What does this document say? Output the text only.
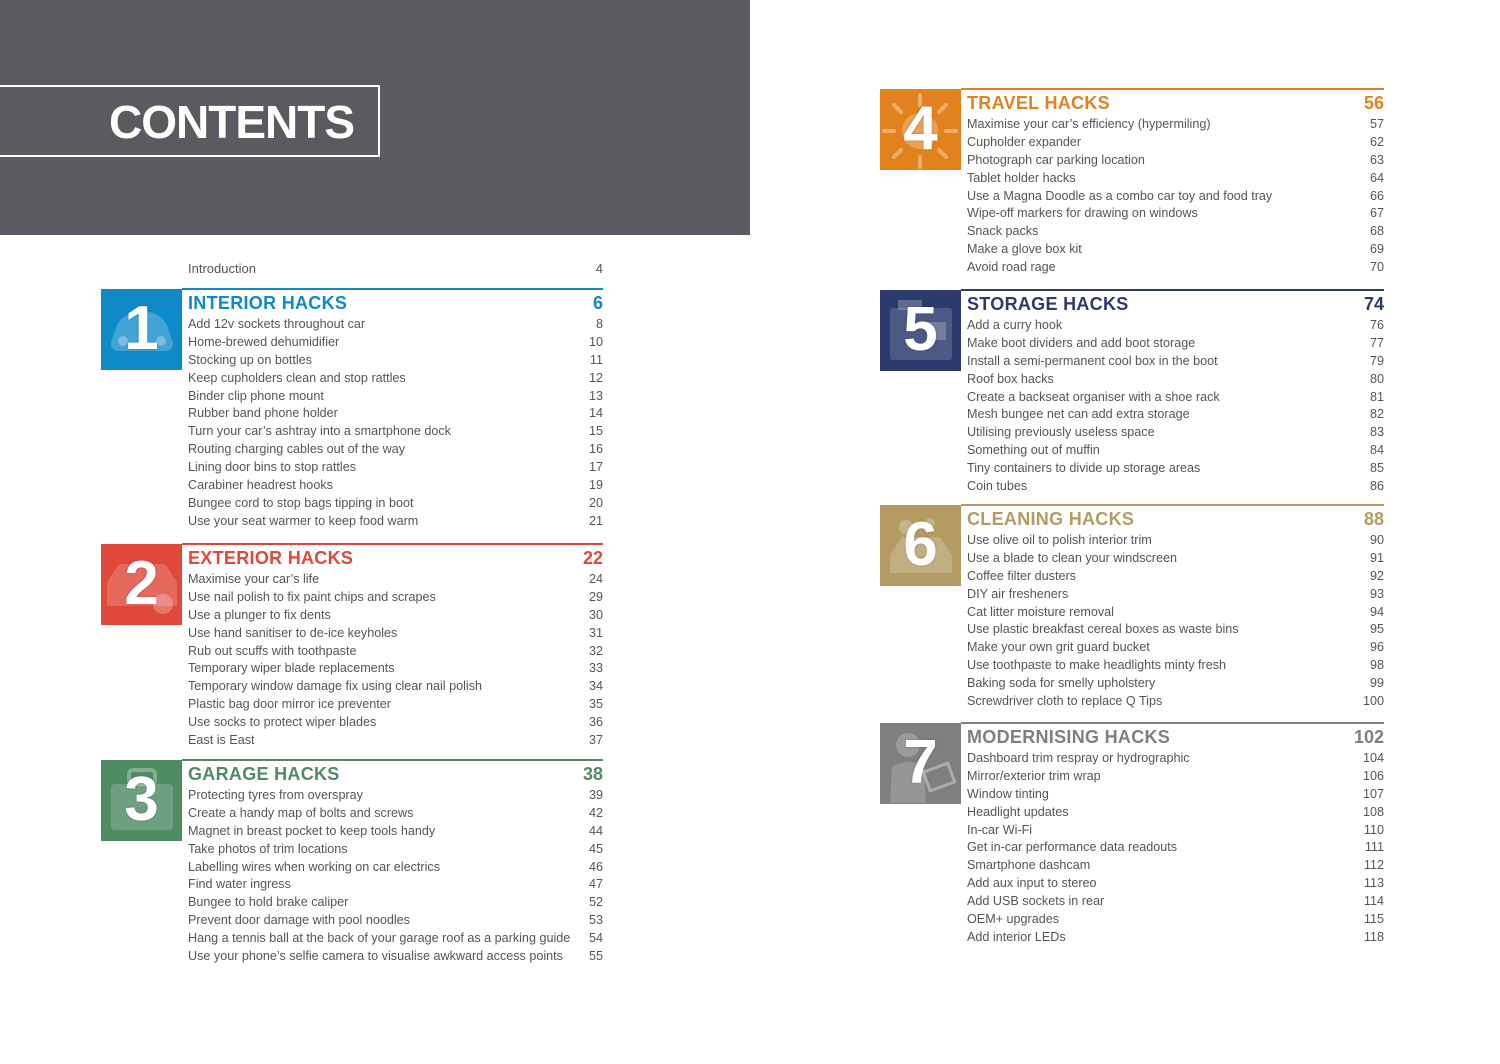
CONTENTS
Introduction	4
1	INTERIOR HACKS	6
Add 12v sockets throughout car	8
Home-brewed dehumidifier	10
Stocking up on bottles	11
Keep cupholders clean and stop rattles	12
Binder clip phone mount	13
Rubber band phone holder	14
Turn your car’s ashtray into a smartphone dock	15
Routing charging cables out of the way	16
Lining door bins to stop rattles	17
Carabiner headrest hooks	19
Bungee cord to stop bags tipping in boot	20
Use your seat warmer to keep food warm	21
2	EXTERIOR HACKS	22
Maximise your car’s life	24
Use nail polish to fix paint chips and scrapes	29
Use a plunger to fix dents	30
Use hand sanitiser to de-ice keyholes	31
Rub out scuffs with toothpaste	32
Temporary wiper blade replacements	33
Temporary window damage fix using clear nail polish	34
Plastic bag door mirror ice preventer	35
Use socks to protect wiper blades	36
East is East	37
3	GARAGE HACKS	38
Protecting tyres from overspray	39
Create a handy map of bolts and screws	42
Magnet in breast pocket to keep tools handy	44
Take photos of trim locations	45
Labelling wires when working on car electrics	46
Find water ingress	47
Bungee to hold brake caliper	52
Prevent door damage with pool noodles	53
Hang a tennis ball at the back of your garage roof as a parking guide 54
Use your phone’s selfie camera to visualise awkward access points 55
4	TRAVEL HACKS	56
Maximise your car’s efficiency (hypermiling)	57
Cupholder expander	62
Photograph car parking location	63
Tablet holder hacks	64
Use a Magna Doodle as a combo car toy and food tray	66
Wipe-off markers for drawing on windows	67
Snack packs	68
Make a glove box kit	69
Avoid road rage	70
5	STORAGE HACKS	74
Add a curry hook	76
Make boot dividers and add boot storage	77
Install a semi-permanent cool box in the boot	79
Roof box hacks	80
Create a backseat organiser with a shoe rack	81
Mesh bungee net can add extra storage	82
Utilising previously useless space	83
Something out of muffin	84
Tiny containers to divide up storage areas	85
Coin tubes	86
6	CLEANING HACKS	88
Use olive oil to polish interior trim	90
Use a blade to clean your windscreen	91
Coffee filter dusters	92
DIY air fresheners	93
Cat litter moisture removal	94
Use plastic breakfast cereal boxes as waste bins	95
Make your own grit guard bucket	96
Use toothpaste to make headlights minty fresh	98
Baking soda for smelly upholstery	99
Screwdriver cloth to replace Q Tips	100
7	MODERNISING HACKS	102
Dashboard trim respray or hydrographic	104
Mirror/exterior trim wrap	106
Window tinting	107
Headlight updates	108
In-car Wi-Fi	110
Get in-car performance data readouts	111
Smartphone dashcam	112
Add aux input to stereo	113
Add USB sockets in rear	114
OEM+ upgrades	115
Add interior LEDs	118
